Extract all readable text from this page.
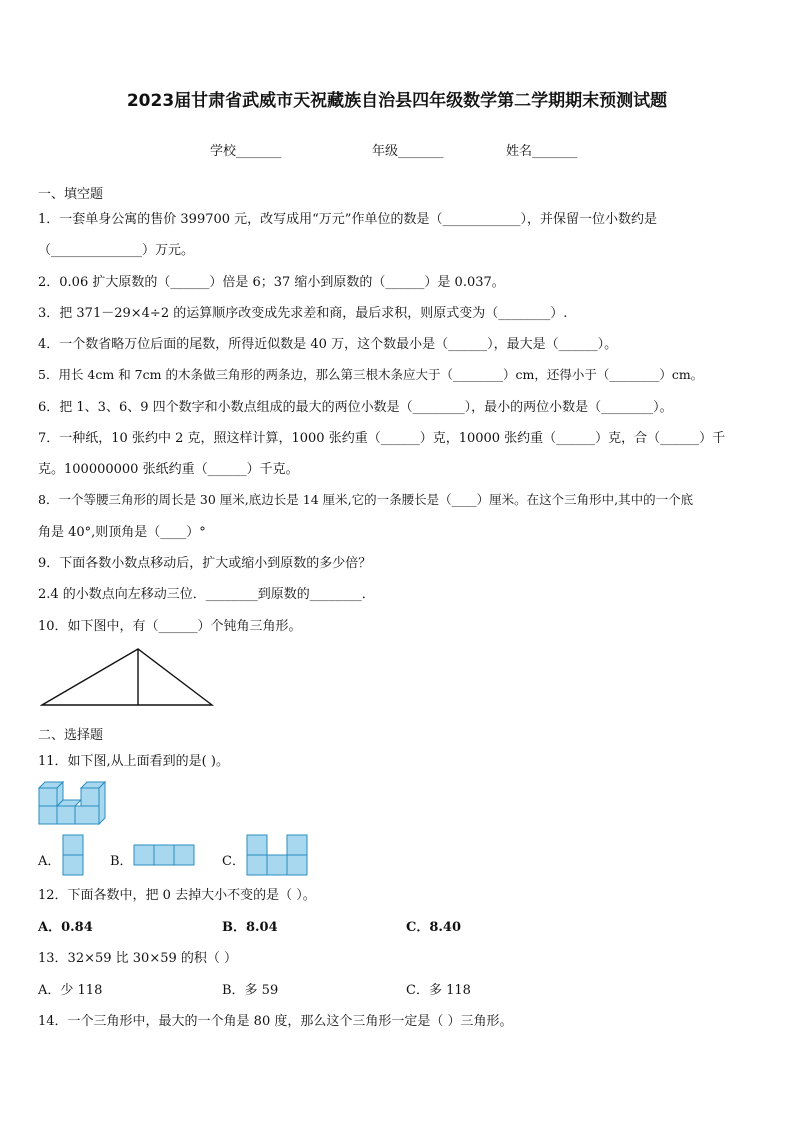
2023届甘肃省武威市天祝藏族自治县四年级数学第二学期期末预测试题
学校_______	年级_______	姓名_______
一、填空题
1．一套单身公寓的售价 399700 元，改写成用“万元”作单位的数是（____________），并保留一位小数约是
（______________）万元。
2．0.06 扩大原数的（______）倍是 6；37 缩小到原数的（______）是 0.037。
3．把 371－29×4÷2 的运算顺序改变成先求差和商，最后求积，则原式变为（________）.
4．一个数省略万位后面的尾数，所得近似数是 40 万，这个数最小是（______），最大是（______）。
5．用长 4cm 和 7cm 的木条做三角形的两条边，那么第三根木条应大于（________）cm，还得小于（________）cm。
6．把 1、3、6、9 四个数字和小数点组成的最大的两位小数是（________），最小的两位小数是（________）。
7．一种纸，10 张约中 2 克，照这样计算，1000 张约重（______）克，10000 张约重（______）克，合（______）千
克。100000000 张纸约重（______）千克。
8．一个等腰三角形的周长是 30 厘米,底边长是 14 厘米,它的一条腰长是（____）厘米。在这个三角形中,其中的一个底
角是 40°,则顶角是（____）°
9．下面各数小数点移动后，扩大或缩小到原数的多少倍？
2.4 的小数点向左移动三位．________到原数的________．
10．如下图中，有（______）个钝角三角形。
二、选择题
11．如下图,从上面看到的是( )。
A．	B．	C．
12．下面各数中，把 0 去掉大小不变的是（ ）。
A．0.84	B．8.04	C．8.40
13．32×59 比 30×59 的积（ ）
A．少 118	B．多 59	C．多 118
14．一个三角形中，最大的一个角是 80 度，那么这个三角形一定是（ ）三角形。
